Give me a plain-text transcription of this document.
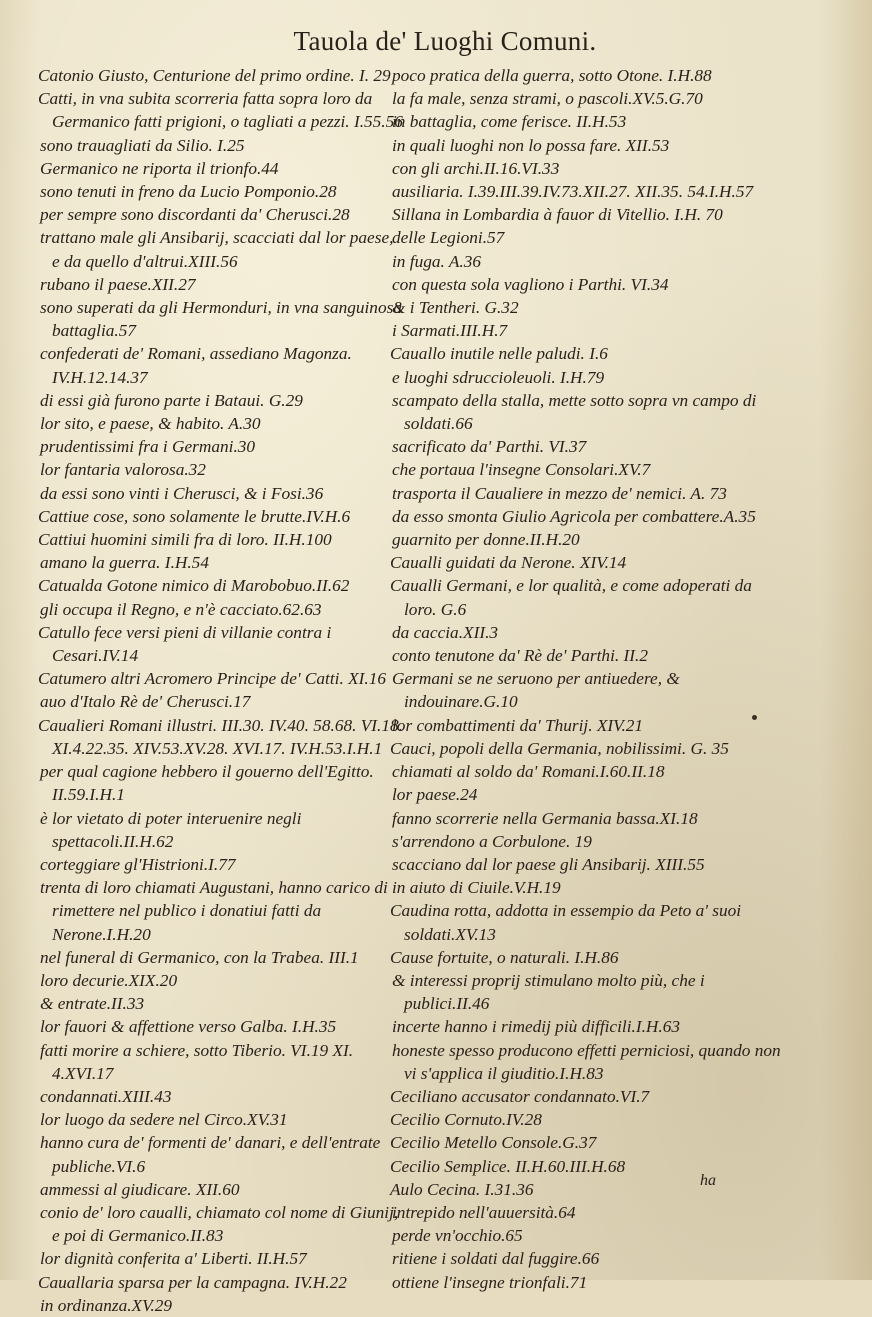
Tauola de' Luoghi Comuni.
Catonio Giusto, Centurione del primo ordine. I. 29
Catti, in vna subita scorreria fatta sopra loro da Germanico fatti prigioni, o tagliati a pezzi. I.55.56
sono trauagliati da Silio. I.25
Germanico ne riporta il trionfo.44
sono tenuti in freno da Lucio Pomponio.28
per sempre sono discordanti da' Cherusci.28
trattano male gli Ansibarij, scacciati dal lor paese, e da quello d'altrui.XIII.56
rubano il paese.XII.27
sono superati da gli Hermonduri, in vna sanguinosa battaglia.57
confederati de' Romani, assediano Magonza. IV.H.12.14.37
di essi già furono parte i Bataui. G.29
lor sito, e paese, & habito. A.30
prudentissimi fra i Germani.30
lor fantaria valorosa.32
da essi sono vinti i Cherusci, & i Fosi.36
Cattiue cose, sono solamente le brutte.IV.H.6
Cattiui huomini simili fra di loro. II.H.100
amano la guerra. I.H.54
Catualda Gotone nimico di Marobobuo.II.62
gli occupa il Regno, e n'è cacciato.62.63
Catullo fece versi pieni di villanie contra i Cesari.IV.14
Catumero altri Acromero Principe de' Catti. XI.16
auo d'Italo Rè de' Cherusci.17
Caualieri Romani illustri. III.30. IV.40. 58.68. VI.18. XI.4.22.35. XIV.53.XV.28. XVI.17. IV.H.53.I.H.1
per qual cagione hebbero il gouerno dell'Egitto. II.59.I.H.1
è lor vietato di poter interuenire negli spettacoli.II.H.62
corteggiare gl'Histrioni.I.77
trenta di loro chiamati Augustani, hanno carico di rimettere nel publico i donatiui fatti da Nerone.I.H.20
nel funeral di Germanico, con la Trabea. III.1
loro decurie.XIX.20
& entrate.II.33
lor fauori & affettione verso Galba. I.H.35
fatti morire a schiere, sotto Tiberio. VI.19 XI. 4.XVI.17
condannati.XIII.43
lor luogo da sedere nel Circo.XV.31
hanno cura de' formenti de' danari, e dell'entrate publiche.VI.6
ammessi al giudicare. XII.60
conio de' loro caualli, chiamato col nome di Giunij, e poi di Germanico.II.83
lor dignità conferita a' Liberti. II.H.57
Cauallaria sparsa per la campagna. IV.H.22
in ordinanza.XV.29
poco pratica della guerra, sotto Otone. I.H.88
la fa male, senza strami, o pascoli.XV.5.G.70
in battaglia, come ferisce. II.H.53
in quali luoghi non lo possa fare. XII.53
con gli archi.II.16.VI.33
ausiliaria. I.39.III.39.IV.73.XII.27. XII.35. 54.I.H.57
Sillana in Lombardia à fauor di Vitellio. I.H. 70
delle Legioni.57
in fuga. A.36
con questa sola vagliono i Parthi. VI.34
& i Tentheri. G.32
i Sarmati.III.H.7
Cauallo inutile nelle paludi. I.6
e luoghi sdruccioleuoli. I.H.79
scampato della stalla, mette sotto sopra vn campo di soldati.66
sacrificato da' Parthi. VI.37
che portaua l'insegne Consolari.XV.7
trasporta il Caualiere in mezzo de' nemici. A. 73
da esso smonta Giulio Agricola per combattere.A.35
guarnito per donne.II.H.20
Caualli guidati da Nerone. XIV.14
Caualli Germani, e lor qualità, e come adoperati da loro. G.6
da caccia.XII.3
conto tenutone da' Rè de' Parthi. II.2
Germani se ne seruono per antiuedere, & indouinare.G.10
lor combattimenti da' Thurij. XIV.21
Cauci, popoli della Germania, nobilissimi. G. 35
chiamati al soldo da' Romani.I.60.II.18
lor paese.24
fanno scorrerie nella Germania bassa.XI.18
s'arrendono a Corbulone. 19
scacciano dal lor paese gli Ansibarij. XIII.55
in aiuto di Ciuile.V.H.19
Caudina rotta, addotta in essempio da Peto a' suoi soldati.XV.13
Cause fortuite, o naturali. I.H.86
& interessi proprij stimulano molto più, che i publici.II.46
incerte hanno i rimedij più difficili.I.H.63
honeste spesso producono effetti perniciosi, quando non vi s'applica il giuditio.I.H.83
Ceciliano accusator condannato.VI.7
Cecilio Cornuto.IV.28
Cecilio Metello Console.G.37
Cecilio Semplice. II.H.60.III.H.68
Aulo Cecina. I.31.36
intrepido nell'auuersità.64
perde vn'occhio.65
ritiene i soldati dal fuggire.66
ottiene l'insegne trionfali.71
ha
